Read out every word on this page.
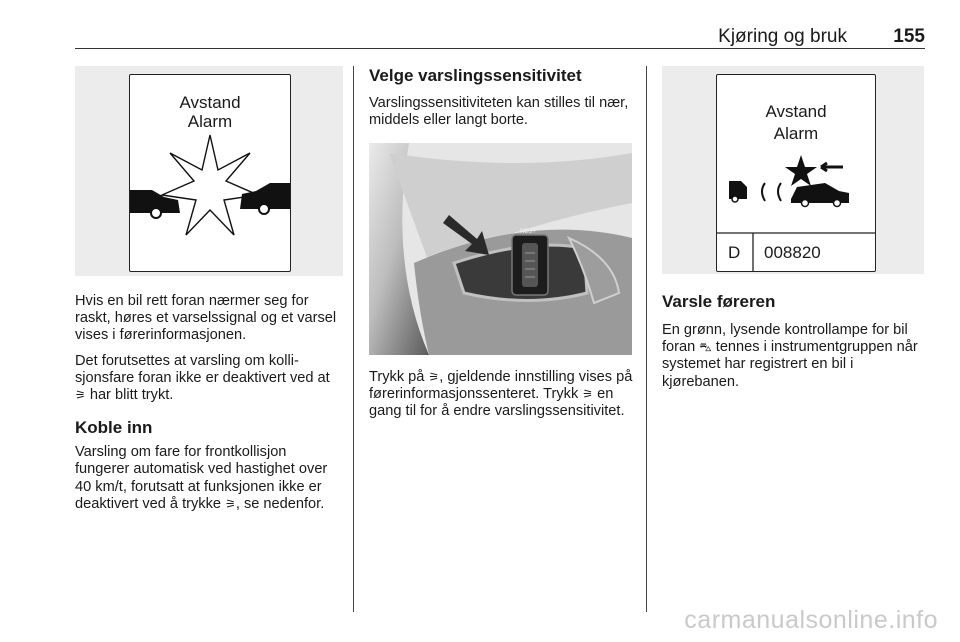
Kjøring og bruk 155
Avstand
Alarm

Hvis en bil rett foran nærmer seg for raskt, høres et varselssignal og et varsel vises i førerinformasjonen.

Det forutsettes at varsling om kollisjonsfare foran ikke er deaktivert ved at ⚞ har blitt trykt.

Koble inn

Varsling om fare for frontkollisjon fungerer automatisk ved hastighet over 40 km/t, forutsatt at funksjonen ikke er deaktivert ved å trykke ⚞, se nedenfor.

Velge varslingssensitivitet

Varslingssensitiviteten kan stilles til nær, middels eller langt borte.

RES+

Trykk på ⚞, gjeldende innstilling vises på førerinformasjonssenteret. Trykk ⚞ en gang til for å endre varslingssensitivitet.

Avstand
Alarm
D 008820
Varsle føreren

En grønn, lysende kontrollampe for bil foran ⛍ tennes i instrumentgruppen når systemet har registrert en bil i kjørebanen.

carmanualsonline.info
